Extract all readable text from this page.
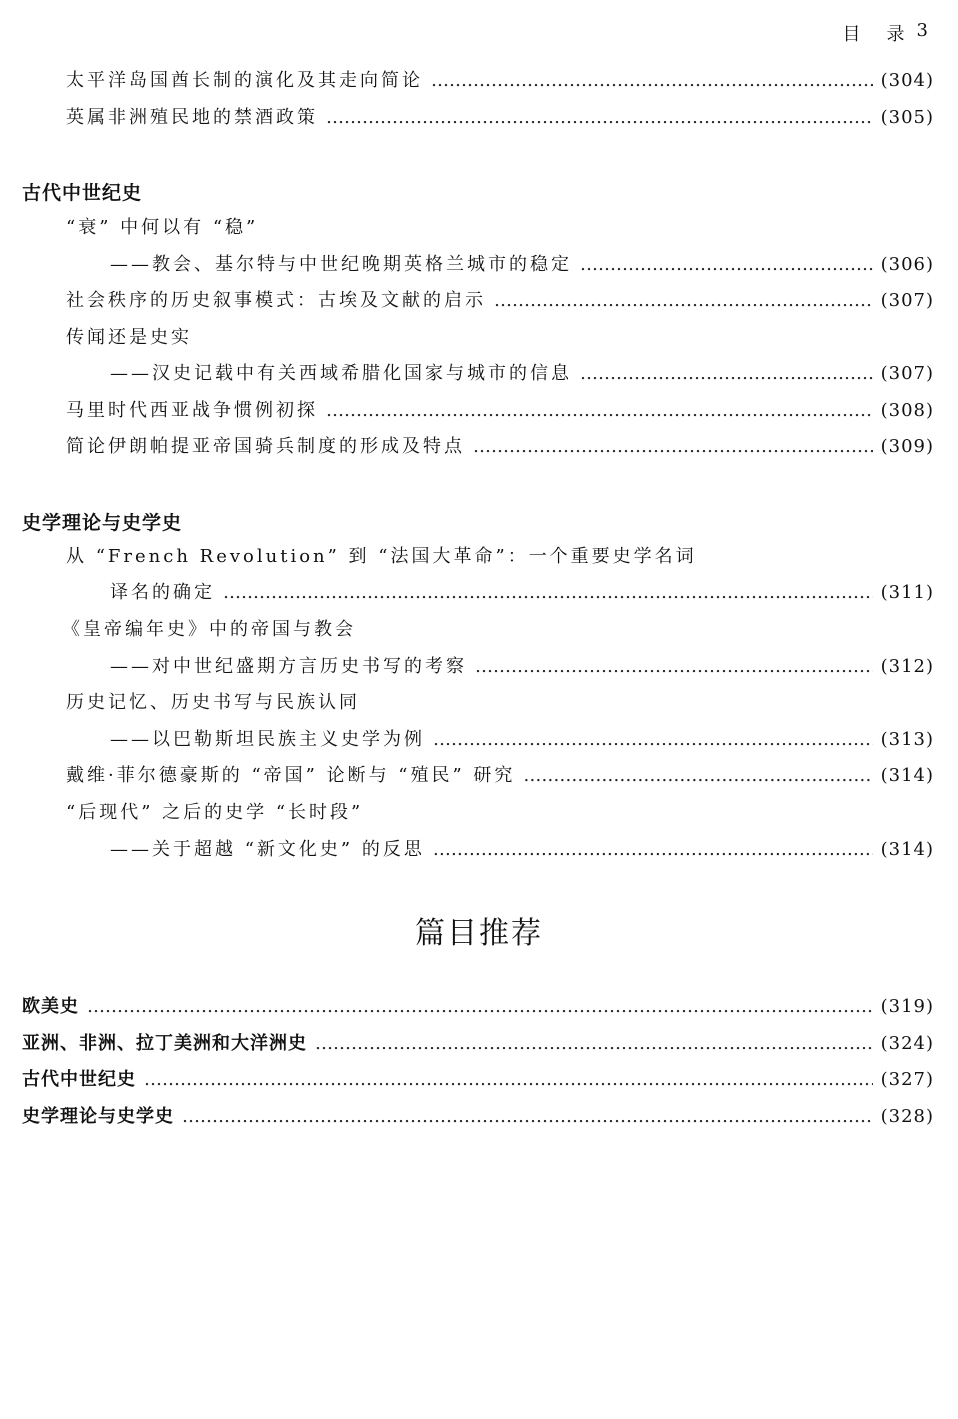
目 录 3
太平洋岛国酋长制的演化及其走向简论 ……………………………………………………………………………………………………………………………………………………………………………………………………………………………	(304)
英属非洲殖民地的禁酒政策 ……………………………………………………………………………………………………………………………………………………………………………………………………………………………	(305)
古代中世纪史
“衰” 中何以有 “稳”
——教会、基尔特与中世纪晚期英格兰城市的稳定 ……………………………………………………………………………………………………………………………………………………………………………………………………………………………	(306)
社会秩序的历史叙事模式：古埃及文献的启示 ……………………………………………………………………………………………………………………………………………………………………………………………………………………………	(307)
传闻还是史实
——汉史记载中有关西域希腊化国家与城市的信息 ……………………………………………………………………………………………………………………………………………………………………………………………………………………………	(307)
马里时代西亚战争惯例初探 ……………………………………………………………………………………………………………………………………………………………………………………………………………………………	(308)
简论伊朗帕提亚帝国骑兵制度的形成及特点 ……………………………………………………………………………………………………………………………………………………………………………………………………………………………	(309)
史学理论与史学史
从 “French Revolution” 到 “法国大革命”：一个重要史学名词
译名的确定 ……………………………………………………………………………………………………………………………………………………………………………………………………………………………	(311)
《皇帝编年史》中的帝国与教会
——对中世纪盛期方言历史书写的考察 ……………………………………………………………………………………………………………………………………………………………………………………………………………………………	(312)
历史记忆、历史书写与民族认同
——以巴勒斯坦民族主义史学为例 ……………………………………………………………………………………………………………………………………………………………………………………………………………………………	(313)
戴维·菲尔德豪斯的 “帝国” 论断与 “殖民” 研究 ……………………………………………………………………………………………………………………………………………………………………………………………………………………………	(314)
“后现代” 之后的史学 “长时段”
——关于超越 “新文化史” 的反思 ……………………………………………………………………………………………………………………………………………………………………………………………………………………………	(314)
篇目推荐
欧美史 ……………………………………………………………………………………………………………………………………………………………………………………………………………………………	(319)
亚洲、非洲、拉丁美洲和大洋洲史 ……………………………………………………………………………………………………………………………………………………………………………………………………………………………	(324)
古代中世纪史 ……………………………………………………………………………………………………………………………………………………………………………………………………………………………	(327)
史学理论与史学史 ……………………………………………………………………………………………………………………………………………………………………………………………………………………………	(328)
